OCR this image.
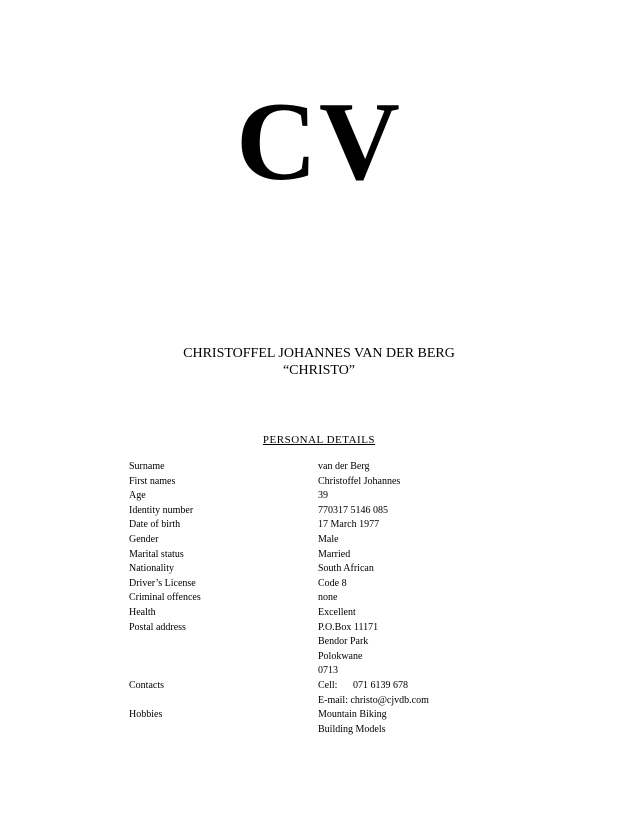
CV
CHRISTOFFEL JOHANNES VAN DER BERG
“CHRISTO”
PERSONAL DETAILS
Surname	van der Berg
First names	Christoffel Johannes
Age	39
Identity number	770317 5146 085
Date of birth	17 March 1977
Gender	Male
Marital status	Married
Nationality	South African
Driver’s License	Code 8
Criminal offences	none
Health	Excellent
Postal address	P.O.Box 11171
Bendor Park
Polokwane
0713
Contacts	Cell: 071 6139 678
E-mail: christo@cjvdb.com
Hobbies	Mountain Biking
Building Models
